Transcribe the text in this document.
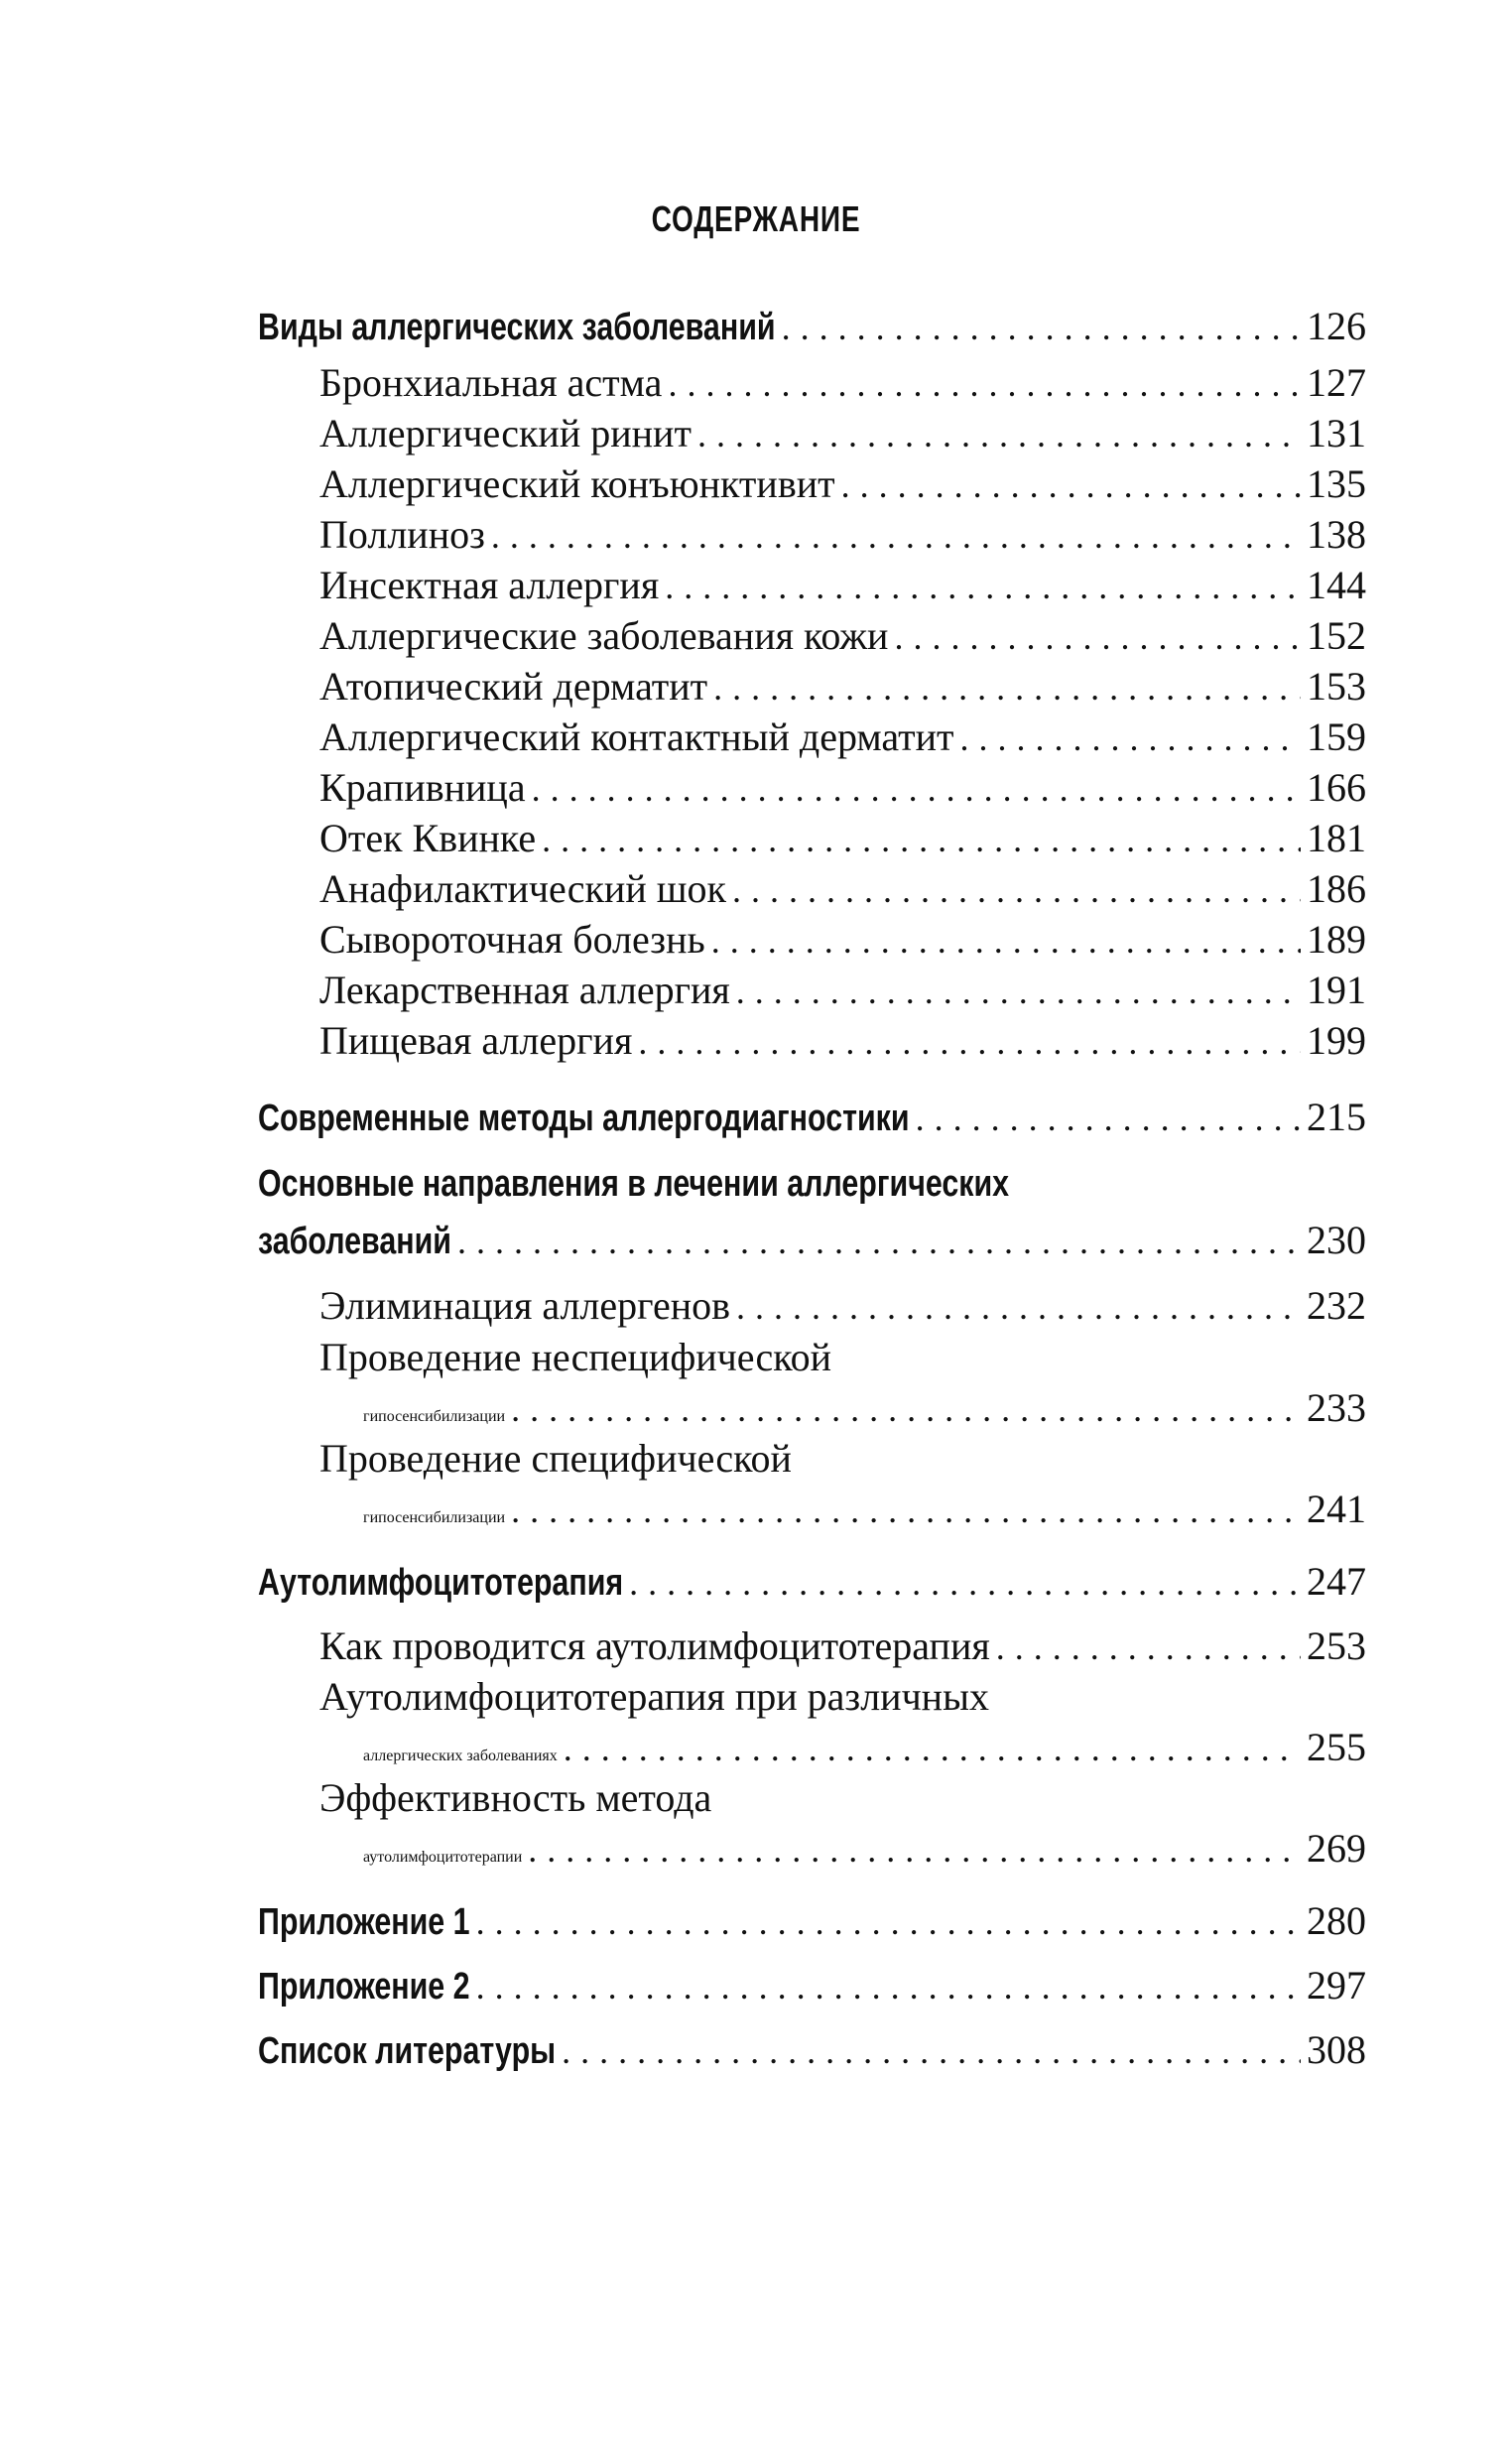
СОДЕРЖАНИЕ
Виды аллергических заболеваний .....	126
Бронхиальная астма .....	127
Аллергический ринит .....	131
Аллергический конъюнктивит .....	135
Поллиноз .....	138
Инсектная аллергия .....	144
Аллергические заболевания кожи .....	152
Атопический дерматит .....	153
Аллергический контактный дерматит .....	159
Крапивница .....	166
Отек Квинке .....	181
Анафилактический шок .....	186
Сывороточная болезнь .....	189
Лекарственная аллергия .....	191
Пищевая аллергия .....	199
Современные методы аллергодиагностики .....	215
Основные направления в лечении аллергических
заболеваний .....	230
Элиминация аллергенов .....	232
Проведение неспецифической
гипосенсибилизации .....	233
Проведение специфической
гипосенсибилизации .....	241
Аутолимфоцитотерапия .....	247
Как проводится аутолимфоцитотерапия .....	253
Аутолимфоцитотерапия при различных
аллергических заболеваниях .....	255
Эффективность метода
аутолимфоцитотерапии .....	269
Приложение 1 .....	280
Приложение 2 .....	297
Список литературы .....	308
